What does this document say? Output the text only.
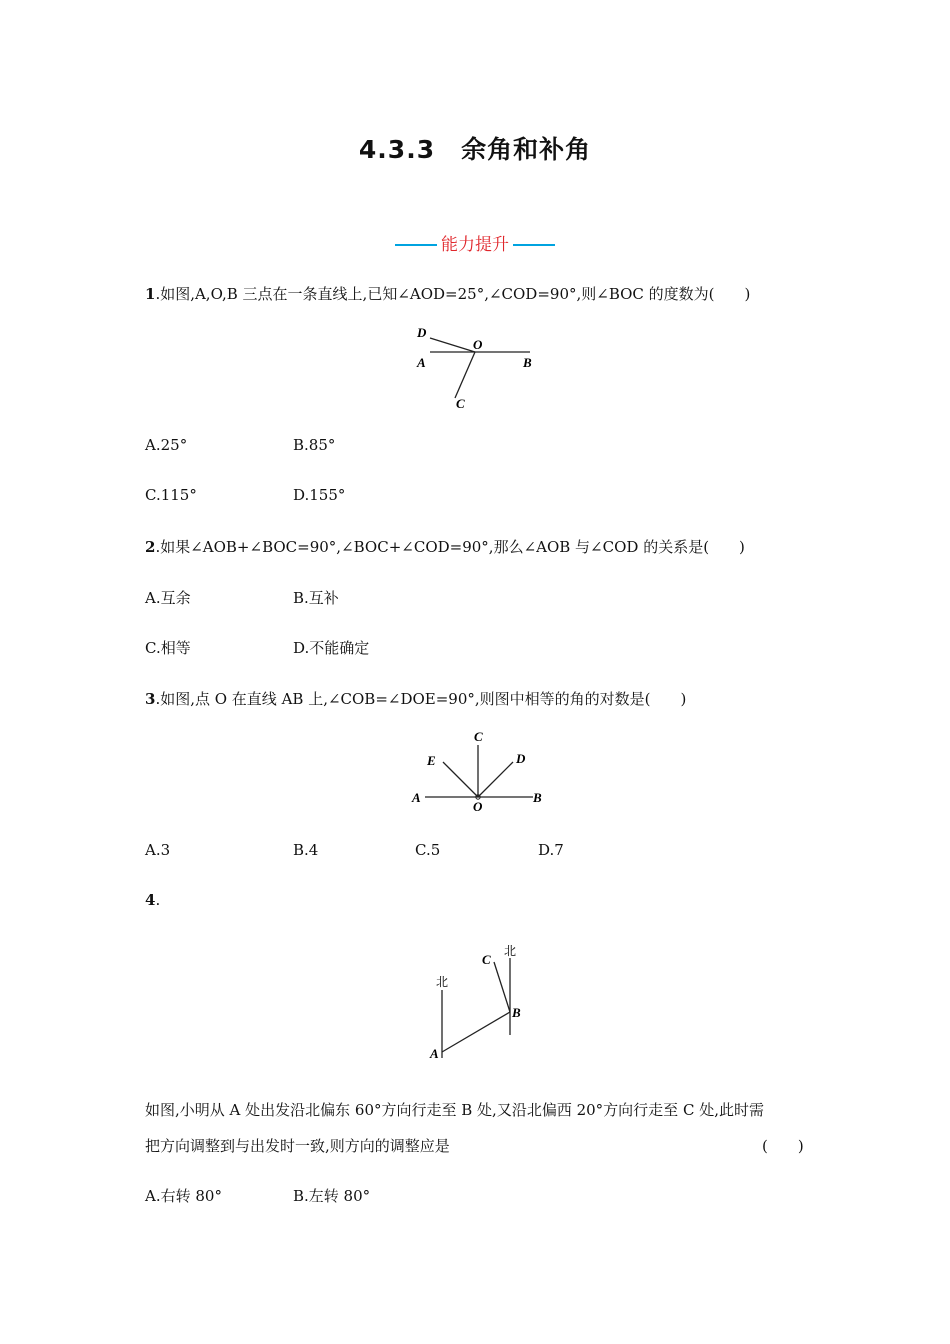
4.3.3　余角和补角
能力提升
1.如图,A,O,B 三点在一条直线上,已知∠AOD=25°,∠COD=90°,则∠BOC 的度数为(　　)
D
O
A	B
C
A.25°	B.85°
C.115°	D.155°
2.如果∠AOB+∠BOC=90°,∠BOC+∠COD=90°,那么∠AOB 与∠COD 的关系是(　　)
A.互余	B.互补
C.相等	D.不能确定
3.如图,点 O 在直线 AB 上,∠COB=∠DOE=90°,则图中相等的角的对数是(　　)
C
E	D
A
O
B
A.3	B.4	C.5	D.7
4.
C
北
北
B
A
如图,小明从 A 处出发沿北偏东 60°方向行走至 B 处,又沿北偏西 20°方向行走至 C 处,此时需
把方向调整到与出发时一致,则方向的调整应是	(　　)
A.右转 80°	B.左转 80°
